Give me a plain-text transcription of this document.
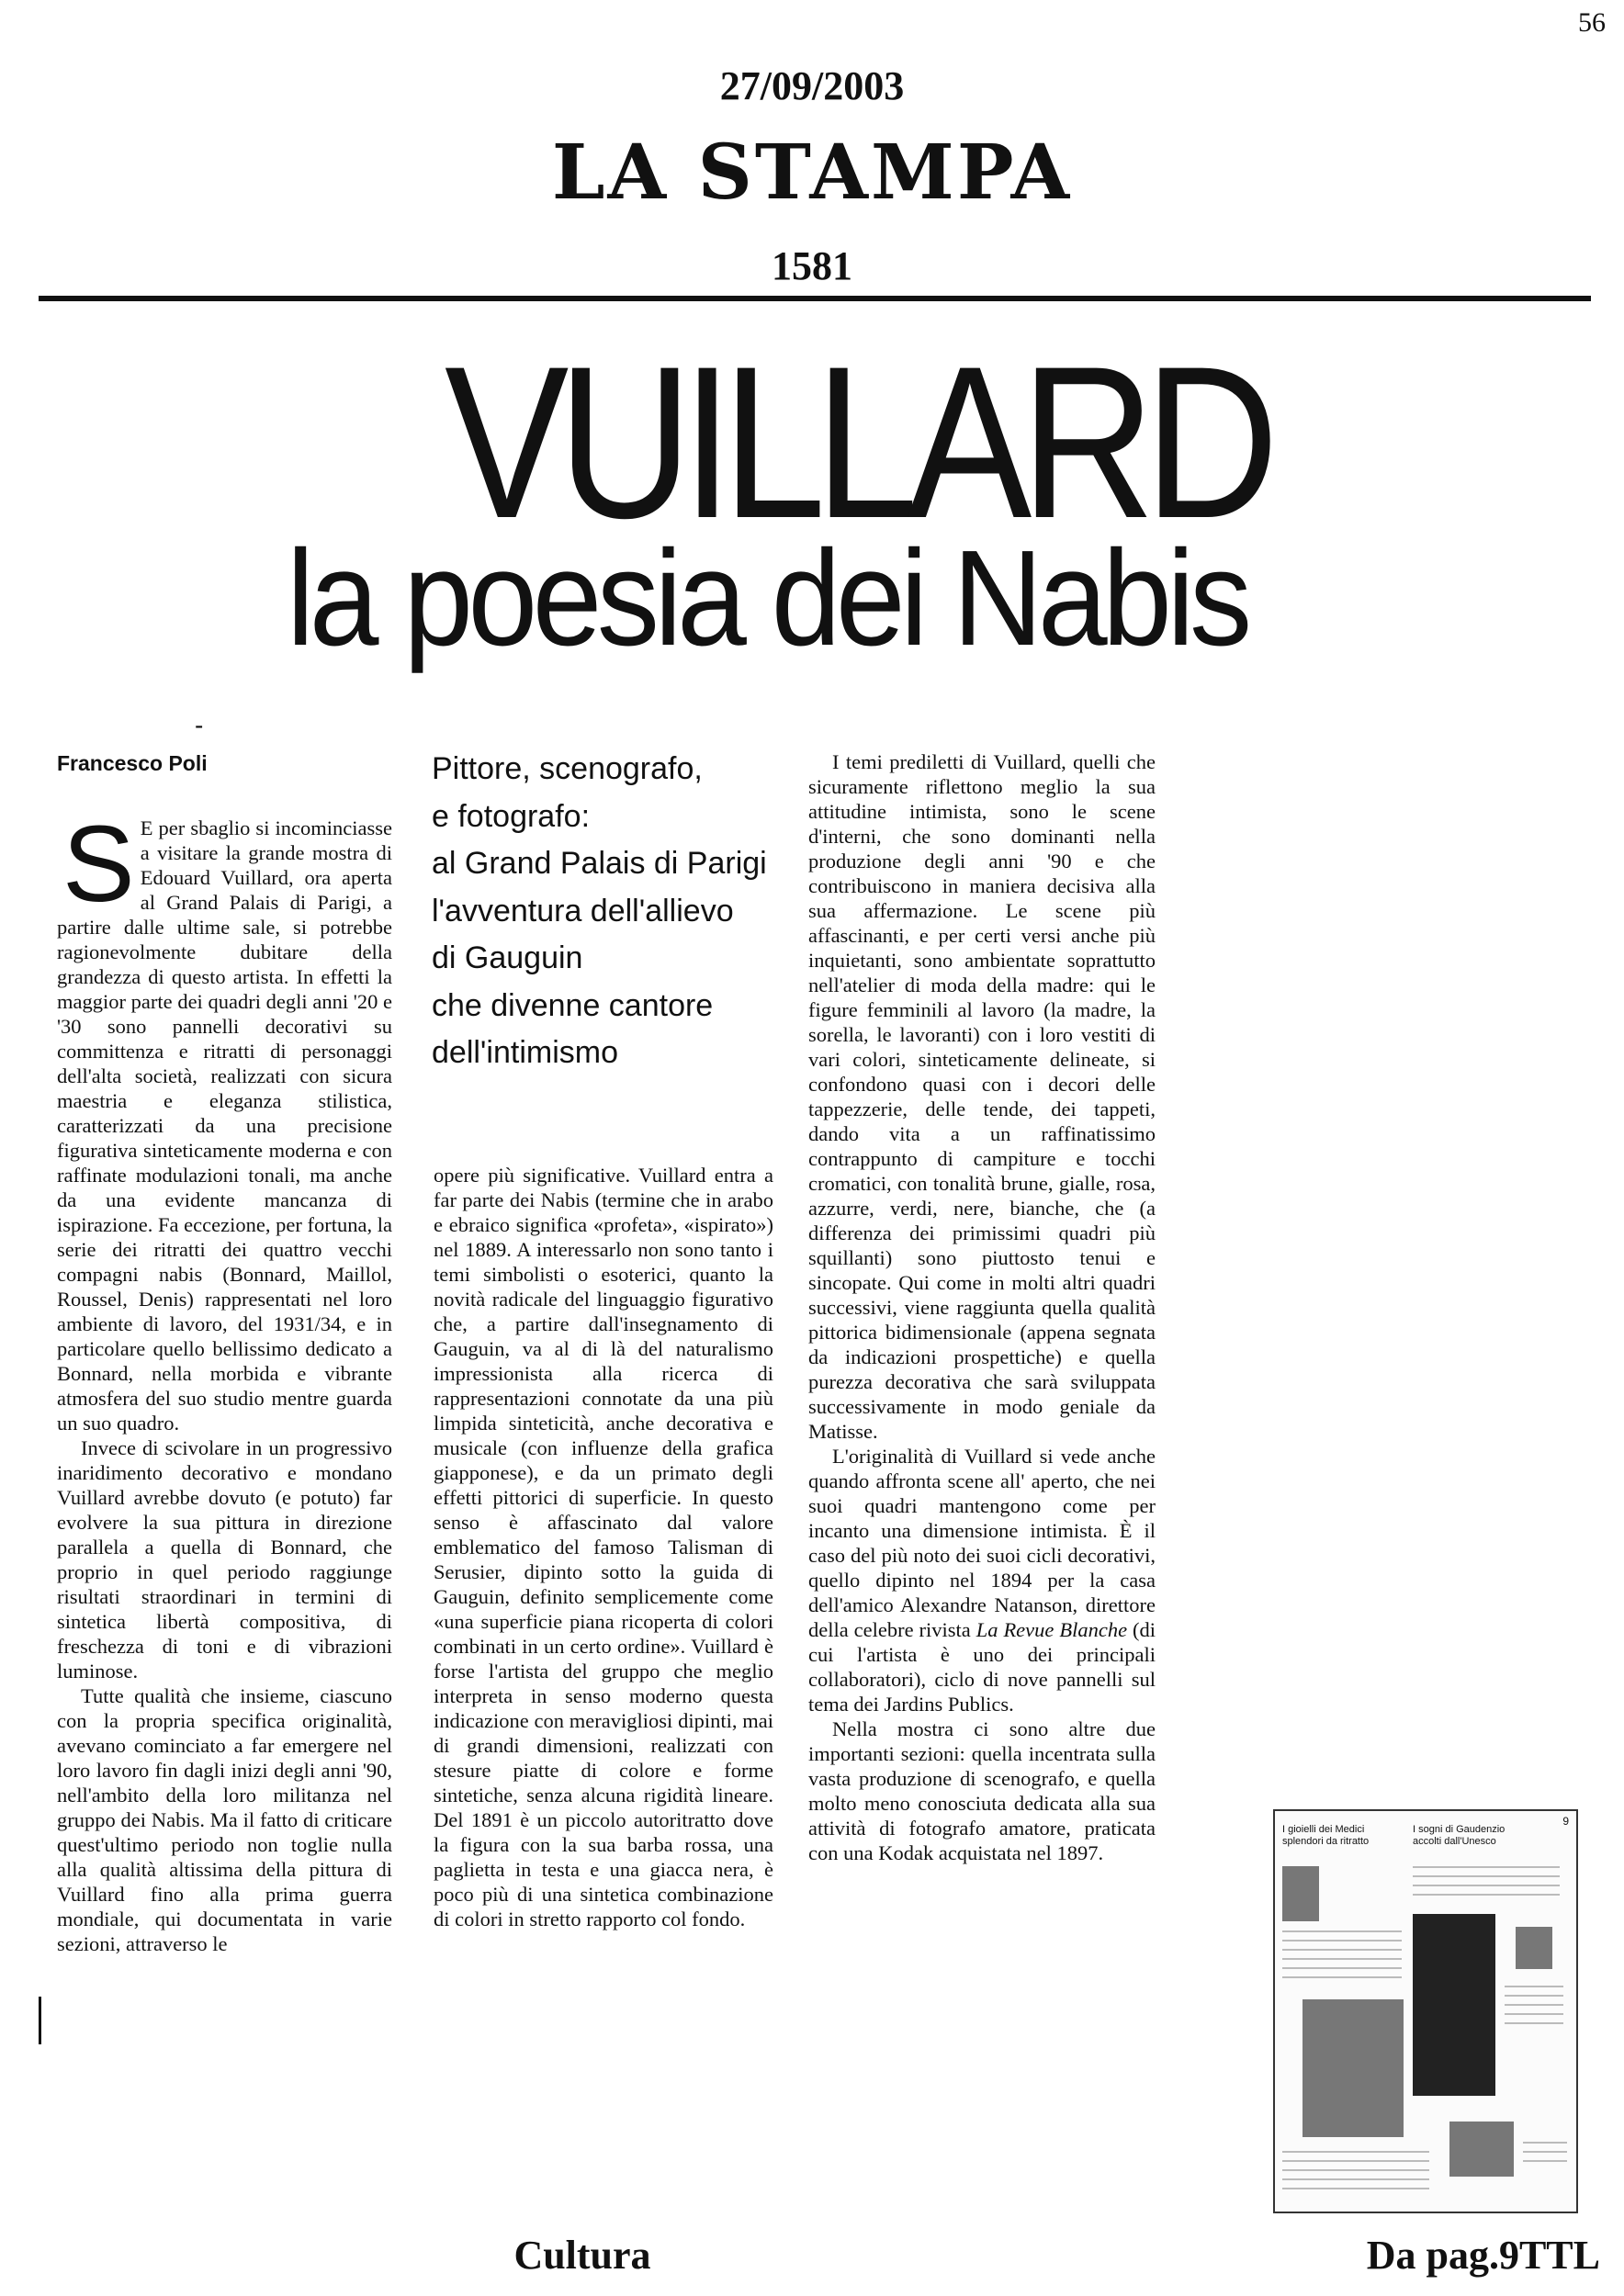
56
27/09/2003
LA STAMPA
1581
VUILLARD
la poesia dei Nabis
-
Francesco Poli

S E per sbaglio si incominciasse a visitare la grande mostra di Edouard Vuillard, ora aperta al Grand Palais di Parigi, a partire dalle ultime sale, si potrebbe ragionevolmente dubitare della grandezza di questo artista. In effetti la maggior parte dei quadri degli anni '20 e '30 sono pannelli decorativi su committenza e ritratti di personaggi dell'alta società, realizzati con sicura maestria e eleganza stilistica, caratterizzati da una precisione figurativa sinteticamente moderna e con raffinate modulazioni tonali, ma anche da una evidente mancanza di ispirazione. Fa eccezione, per fortuna, la serie dei ritratti dei quattro vecchi compagni nabis (Bonnard, Maillol, Roussel, Denis) rappresentati nel loro ambiente di lavoro, del 1931/34, e in particolare quello bellissimo dedicato a Bonnard, nella morbida e vibrante atmosfera del suo studio mentre guarda un suo quadro.

Invece di scivolare in un progressivo inaridimento decorativo e mondano Vuillard avrebbe dovuto (e potuto) far evolvere la sua pittura in direzione parallela a quella di Bonnard, che proprio in quel periodo raggiunge risultati straordinari in termini di sintetica libertà compositiva, di freschezza di toni e di vibrazioni luminose.

Tutte qualità che insieme, ciascuno con la propria specifica originalità, avevano cominciato a far emergere nel loro lavoro fin dagli inizi degli anni '90, nell'ambito della loro militanza nel gruppo dei Nabis. Ma il fatto di criticare quest'ultimo periodo non toglie nulla alla qualità altissima della pittura di Vuillard fino alla prima guerra mondiale, qui documentata in varie sezioni, attraverso le

Pittore, scenografo,
e fotografo:
al Grand Palais di Parigi
l'avventura dell'allievo
di Gauguin
che divenne cantore
dell'intimismo

opere più significative. Vuillard entra a far parte dei Nabis (termine che in arabo e ebraico significa «profeta», «ispirato») nel 1889. A interessarlo non sono tanto i temi simbolisti o esoterici, quanto la novità radicale del linguaggio figurativo che, a partire dall'insegnamento di Gauguin, va al di là del naturalismo impressionista alla ricerca di rappresentazioni connotate da una più limpida sinteticità, anche decorativa e musicale (con influenze della grafica giapponese), e da un primato degli effetti pittorici di superficie. In questo senso è affascinato dal valore emblematico del famoso Talisman di Serusier, dipinto sotto la guida di Gauguin, definito semplicemente come «una superficie piana ricoperta di colori combinati in un certo ordine». Vuillard è forse l'artista del gruppo che meglio interpreta in senso moderno questa indicazione con meravigliosi dipinti, mai di grandi dimensioni, realizzati con stesure piatte di colore e forme sintetiche, senza alcuna rigidità lineare. Del 1891 è un piccolo autoritratto dove la figura con la sua barba rossa, una paglietta in testa e una giacca nera, è poco più di una sintetica combinazione di colori in stretto rapporto col fondo.

I temi prediletti di Vuillard, quelli che sicuramente riflettono meglio la sua attitudine intimista, sono le scene d'interni, che sono dominanti nella produzione degli anni '90 e che contribuiscono in maniera decisiva alla sua affermazione. Le scene più affascinanti, e per certi versi anche più inquietanti, sono ambientate soprattutto nell'atelier di moda della madre: qui le figure femminili al lavoro (la madre, la sorella, le lavoranti) con i loro vestiti di vari colori, sinteticamente delineate, si confondono quasi con i decori delle tappezzerie, delle tende, dei tappeti, dando vita a un raffinatissimo contrappunto di campiture e tocchi cromatici, con tonalità brune, gialle, rosa, azzurre, verdi, nere, bianche, che (a differenza dei primissimi quadri più squillanti) sono piuttosto tenui e sincopate. Qui come in molti altri quadri successivi, viene raggiunta quella qualità pittorica bidimensionale (appena segnata da indicazioni prospettiche) e quella purezza decorativa che sarà sviluppata successivamente in modo geniale da Matisse.

L'originalità di Vuillard si vede anche quando affronta scene all' aperto, che nei suoi quadri mantengono come per incanto una dimensione intimista. È il caso del più noto dei suoi cicli decorativi, quello dipinto nel 1894 per la casa dell'amico Alexandre Natanson, direttore della celebre rivista La Revue Blanche (di cui l'artista è uno dei principali collaboratori), ciclo di nove pannelli sul tema dei Jardins Publics.

Nella mostra ci sono altre due importanti sezioni: quella incentrata sulla vasta produzione di scenografo, e quella molto meno conosciuta dedicata alla sua attività di fotografo amatore, praticata con una Kodak acquistata nel 1897.

9
I gioielli dei Medici splendori da ritratto
I sogni di Gaudenzio accolti dall'Unesco
Cultura	Da pag.9TTL
